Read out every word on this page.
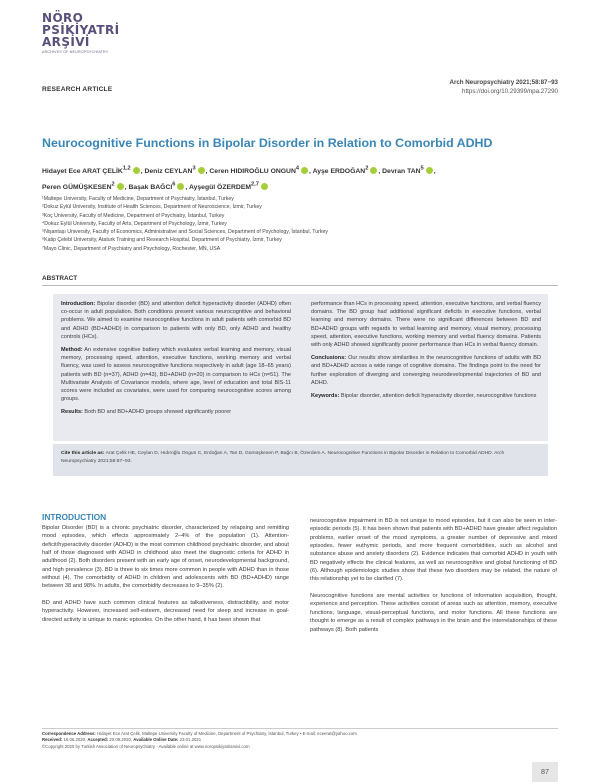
NÖRO
PSİKİYATRİ
ARŞİVİ
ARCHIVES OF NEUROPSYCHIATRY
RESEARCH ARTICLE
Arch Neuropsychiatry 2021;58:87−93
https://doi.org/10.29399/npa.27290
Neurocognitive Functions in Bipolar Disorder in Relation to Comorbid ADHD
Hidayet Ece ARAT ÇELİK$^{1,2}$ , Deniz CEYLAN$^3$ , Ceren HIDIROĞLU ONGUN$^4$ , Ayşe ERDOĞAN$^2$ , Devran TAN$^5$ ,
Peren GÜMÜŞKESEN$^2$ , Başak BAĞCI$^6$ , Ayşegül ÖZERDEM$^{2,7}$
¹Maltepe University, Faculty of Medicine, Department of Psychiatry, İstanbul, Turkey
²Dokuz Eylül University, Institute of Health Sciences, Department of Neuroscience, İzmir, Turkey
³Koç University, Faculty of Medicine, Department of Psychiatry, İstanbul, Turkey
⁴Dokuz Eylül University, Faculty of Arts, Department of Psychology, İzmir, Turkey
⁵Nişantaşı University, Faculty of Economics, Administrative and Social Sciences, Department of Psychology, İstanbul, Turkey
⁶Katip Çelebi University, Ataturk Training and Research Hospital, Department of Psychiatry, İzmir, Turkey
⁷Mayo Clinic, Department of Psychiatry and Psychology, Rochester, MN, USA
ABSTRACT

Introduction: Bipolar disorder (BD) and attention deficit hyperactivity disorder (ADHD) often co-occur in adult population. Both conditions present various neurocognitive and behavioral problems. We aimed to examine neurocognitive functions in adult patients with comorbid BD and ADHD (BD+ADHD) in comparison to patients with only BD, only ADHD and healthy controls (HCs).

Method: An extensive cognitive battery which evaluates verbal learning and memory, visual memory, processing speed, attention, executive functions, working memory and verbal fluency, was used to assess neurocognitive functions respectively in adult (age 18–65 years) patients with BD (n=37), ADHD (n=43), BD+ADHD (n=20) in comparison to HCs (n=51). The Multivariate Analysis of Covariance models, where age, level of education and total BIS-11 scores were included as covariates, were used for comparing neurocognitive scores among groups.

Results: Both BD and BD+ADHD groups showed significantly poorer

performance than HCs in processing speed, attention, executive functions, and verbal fluency domains. The BD group had additional significant deficits in executive functions, verbal learning and memory domains. There were no significant differences between BD and BD+ADHD groups with regards to verbal learning and memory, visual memory, processing speed, attention, executive functions, working memory and verbal fluency domains. Patients with only ADHD showed significantly poorer performance than HCs in verbal fluency domain.

Conclusions: Our results show similarities in the neurocognitive functions of adults with BD and BD+ADHD across a wide range of cognitive domains. The findings point to the need for further exploration of diverging and converging neurodevelopmental trajectories of BD and ADHD.

Keywords: Bipolar disorder, attention deficit hyperactivity disorder, neurocognitive functions

Cite this article as: Arat Çelik HE, Ceylan D, Hıdıroğlu Ongun C, Erdoğan A, Tan D, Gümüşkesen P, Bağcı B, Özerdem A. Neurocognitive Functions in Bipolar Disorder in Relation to Comorbid ADHD. Arch Neuropsychiatry 2021;58:87−93.
INTRODUCTION

Bipolar Disorder (BD) is a chronic psychiatric disorder, characterized by relapsing and remitting mood episodes, which effects approximately 2–4% of the population (1). Attention-deficit/hyperactivity disorder (ADHD) is the most common childhood psychiatric disorder, and about half of those diagnosed with ADHD in childhood also meet the diagnostic criteria for ADHD in adulthood (2). Both disorders present with an early age of onset, neurodevelopmental background, and high prevalence (3). BD is three to six times more common in people with ADHD than in those without (4). The comorbidity of ADHD in children and adolescents with BD (BD+ADHD) range between 38 and 98%. In adults, the comorbidity decreases to 9–35% (2).

BD and ADHD have such common clinical features as talkativeness, distractibility, and motor hyperactivity. However, increased self-esteem, decreased need for sleep and increase in goal-directed activity is unique to manic episodes. On the other hand, it has been shown that

neurocognitive impairment in BD is not unique to mood episodes, but it can also be seen in inter-episodic periods (5). It has been shown that patients with BD+ADHD have greater affect regulation problems, earlier onset of the mood symptoms, a greater number of depressive and mixed episodes, fewer euthymic periods, and more frequent comorbidities, such as alcohol and substance abuse and anxiety disorders (2). Evidence indicates that comorbid ADHD in youth with BD negatively effects the clinical features, as well as neurocognitive and global functioning of BD (6). Although epidemiologic studies show that these two disorders may be related, the nature of this relationship yet to be clarified (7).

Neurocognitive functions are mental activities or functions of information acquisition, thought, experience and perception. These activities consist of areas such as attention, memory, executive functions, language, visual-perceptual functions, and motor functions. All these functions are thought to emerge as a result of complex pathways in the brain and the interrelationships of these pathways (8). Both patients

Correspondence Address: Hidayet Ece Arat Çelik, Maltepe University Faculty of Medicine, Department of Psychiatry, İstanbul, Turkey • E-mail: eceerat@yahoo.com
Received: 16.06.2020, Accepted: 20.09.2020, Available Online Date: 23.01.2021
©Copyright 2020 by Turkish Association of Neuropsychiatry - Available online at www.noropsikiyatriarsivi.com
87
